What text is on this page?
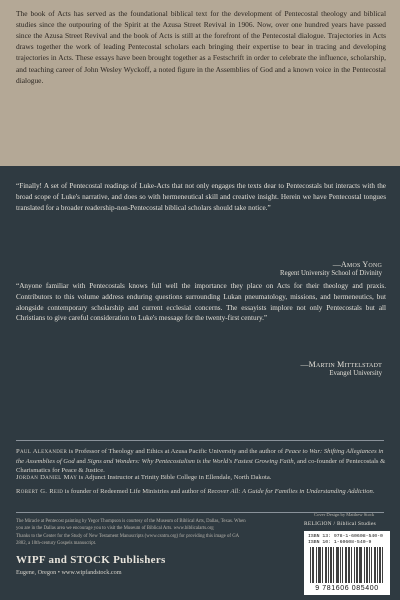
The book of Acts has served as the foundational biblical text for the development of Pentecostal theology and biblical studies since the outpouring of the Spirit at the Azusa Street Revival in 1906. Now, over one hundred years have passed since the Azusa Street Revival and the book of Acts is still at the forefront of the Pentecostal dialogue. Trajectories in Acts draws together the work of leading Pentecostal scholars each bringing their expertise to bear in tracing and developing trajectories in Acts. These essays have been brought together as a Festschrift in order to celebrate the influence, scholarship, and teaching career of John Wesley Wyckoff, a noted figure in the Assemblies of God and a known voice in the Pentecostal dialogue.

“Finally! A set of Pentecostal readings of Luke-Acts that not only engages the texts dear to Pentecostals but interacts with the broad scope of Luke's narrative, and does so with hermeneutical skill and creative insight. Herein we have Pentecostal tongues translated for a broader readership-non-Pentecostal biblical scholars should take notice.”

—Amos Yong
Regent University School of Divinity

“Anyone familiar with Pentecostals knows full well the importance they place on Acts for their theology and praxis. Contributors to this volume address enduring questions surrounding Lukan pneumatology, missions, and hermeneutics, but alongside contemporary scholarship and current ecclesial concerns. The essayists implore not only Pentecostals but all Christians to give careful consideration to Luke's message for the twenty-first century.”

—Martin Mittelstadt
Evangel University

Paul Alexander is Professor of Theology and Ethics at Azusa Pacific University and the author of Peace to War: Shifting Allegiances in the Assemblies of God and Signs and Wonders: Why Pentecostalism is the World's Fastest Growing Faith, and co-founder of Pentecostals & Charismatics for Peace & Justice.

Jordan Daniel May is Adjunct Instructor at Trinity Bible College in Ellendale, North Dakota.

Robert G. Reid is founder of Redeemed Life Ministries and author of Recover All: A Guide for Families in Understanding Addiction.

The Miracle at Pentecost painting by Yegor Thompson is courtesy of the Museum of Biblical Arts, Dallas, Texas. When you are in the Dallas area we encourage you to visit the Museum of Biblical Arts. www.biblicalarts.org

Thanks to the Center for the Study of New Testament Manuscripts (www.csntm.org) for providing this image of GA 2882, a 10th-century Gospels manuscript.

WIPF and STOCK Publishers
Eugene, Oregon • www.wipfandstock.com
Cover Design by Matthew Stock
RELIGION / Biblical Studies
ISBN 13: 978-1-60608-540-0
ISBN 10: 1-60608-540-9
9 781606 085400
